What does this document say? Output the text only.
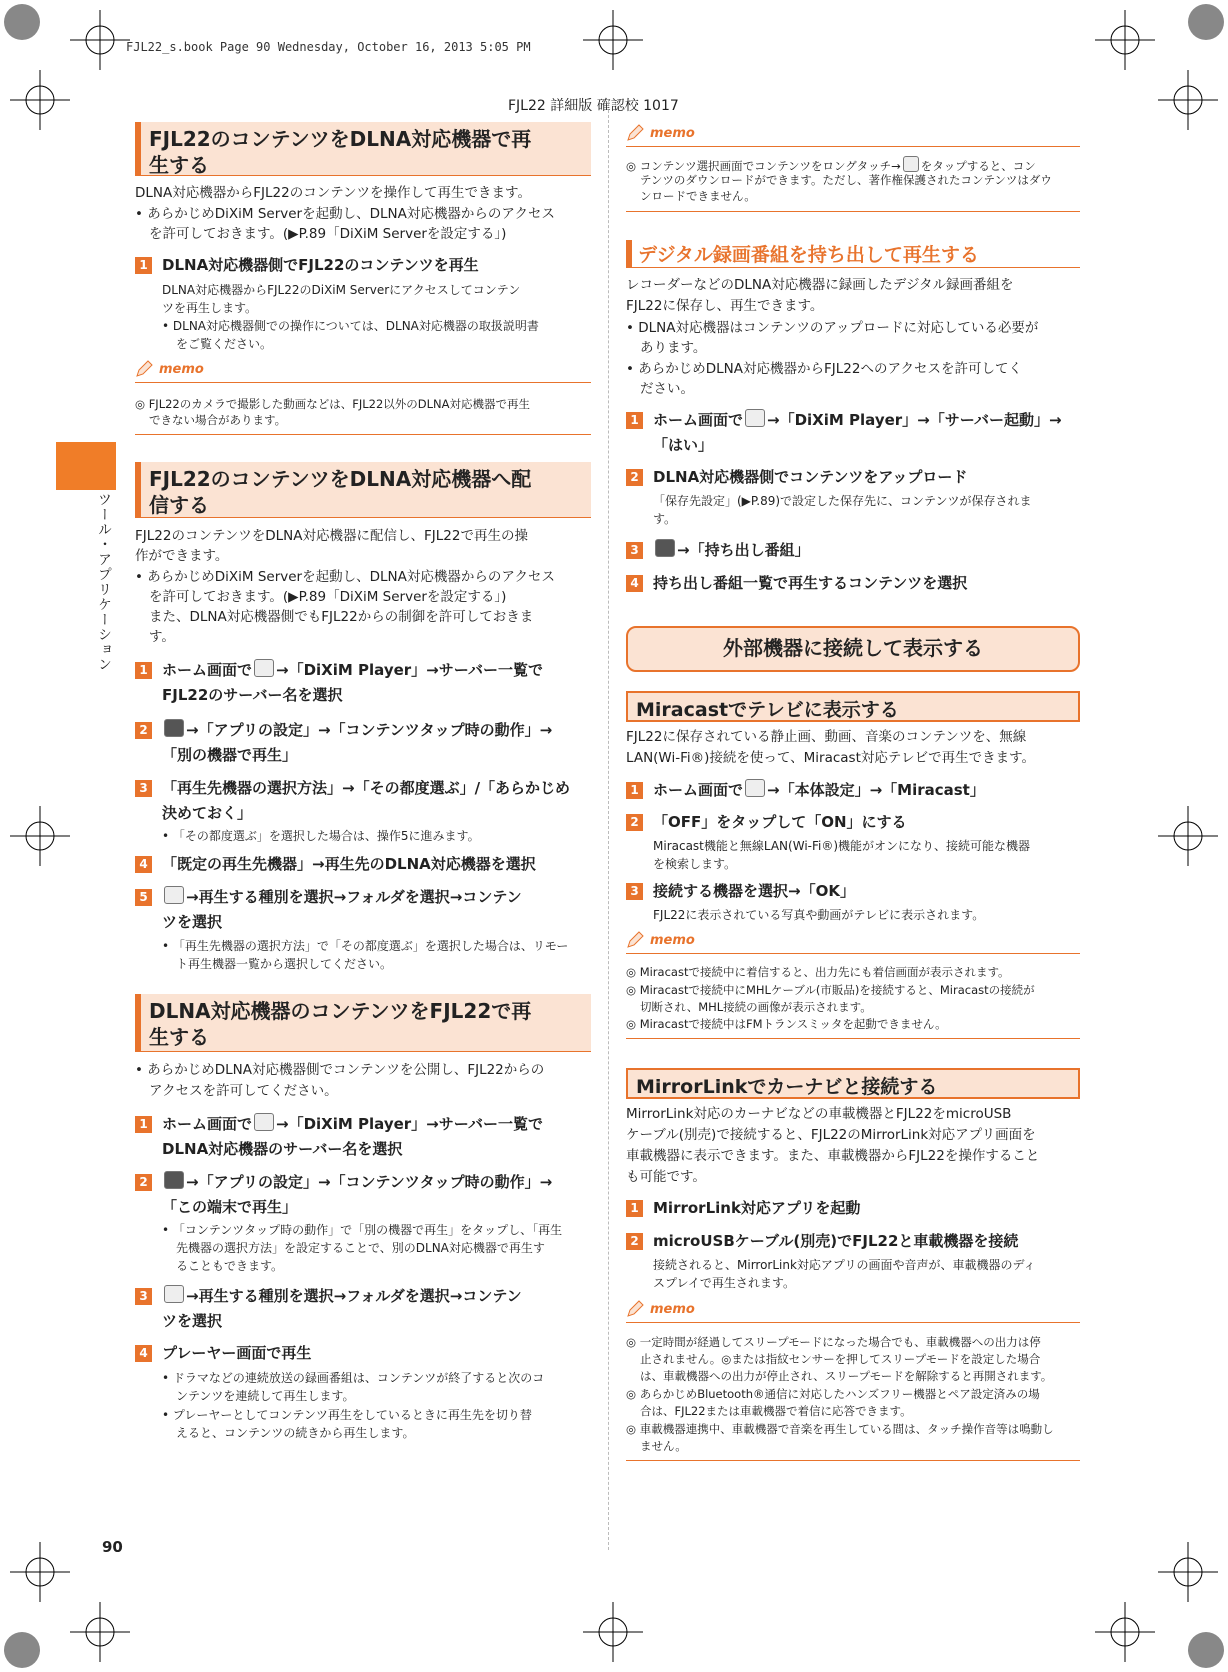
FJL22_s.book Page 90 Wednesday, October 16, 2013 5:05 PM
FJL22 詳細版 確認校 1017
ツール・アプリケーション
90
FJL22のコンテンツをDLNA対応機器で再
生する
DLNA対応機器からFJL22のコンテンツを操作して再生できます。
• あらかじめDiXiM Serverを起動し、DLNA対応機器からのアクセス
を許可しておきます。(▶P.89「DiXiM Serverを設定する」)
1 DLNA対応機器側でFJL22のコンテンツを再生
DLNA対応機器からFJL22のDiXiM Serverにアクセスしてコンテン
ツを再生します。
• DLNA対応機器側での操作については、DLNA対応機器の取扱説明書
をご覧ください。
memo
◎ FJL22のカメラで撮影した動画などは、FJL22以外のDLNA対応機器で再生
できない場合があります。
FJL22のコンテンツをDLNA対応機器へ配
信する
FJL22のコンテンツをDLNA対応機器に配信し、FJL22で再生の操
作ができます。
• あらかじめDiXiM Serverを起動し、DLNA対応機器からのアクセス
を許可しておきます。(▶P.89「DiXiM Serverを設定する」)
また、DLNA対応機器側でもFJL22からの制御を許可しておきま
す。
1 ホーム画面で →「DiXiM Player」→サーバー一覧で
FJL22のサーバー名を選択
2	→「アプリの設定」→「コンテンツタップ時の動作」→
「別の機器で再生」
3 「再生先機器の選択方法」→「その都度選ぶ」/「あらかじめ
決めておく」
• 「その都度選ぶ」を選択した場合は、操作5に進みます。
4 「既定の再生先機器」→再生先のDLNA対応機器を選択
5	→再生する種別を選択→フォルダを選択→コンテン
ツを選択
• 「再生先機器の選択方法」で「その都度選ぶ」を選択した場合は、リモー
ト再生機器一覧から選択してください。
DLNA対応機器のコンテンツをFJL22で再
生する
• あらかじめDLNA対応機器側でコンテンツを公開し、FJL22からの
アクセスを許可してください。
1 ホーム画面で →「DiXiM Player」→サーバー一覧で
DLNA対応機器のサーバー名を選択
2	→「アプリの設定」→「コンテンツタップ時の動作」→
「この端末で再生」
• 「コンテンツタップ時の動作」で「別の機器で再生」をタップし、「再生
先機器の選択方法」を設定することで、別のDLNA対応機器で再生す
ることもできます。
3	→再生する種別を選択→フォルダを選択→コンテン
ツを選択
4 プレーヤー画面で再生
• ドラマなどの連続放送の録画番組は、コンテンツが終了すると次のコ
ンテンツを連続して再生します。
• プレーヤーとしてコンテンツ再生をしているときに再生先を切り替
えると、コンテンツの続きから再生します。
memo
◎ コンテンツ選択画面でコンテンツをロングタッチ→ をタップすると、コン
テンツのダウンロードができます。ただし、著作権保護されたコンテンツはダウ
ンロードできません。
デジタル録画番組を持ち出して再生する
レコーダーなどのDLNA対応機器に録画したデジタル録画番組を
FJL22に保存し、再生できます。
• DLNA対応機器はコンテンツのアップロードに対応している必要が
あります。
• あらかじめDLNA対応機器からFJL22へのアクセスを許可してく
ださい。
1 ホーム画面で →「DiXiM Player」→「サーバー起動」→
「はい」
2 DLNA対応機器側でコンテンツをアップロード
「保存先設定」(▶P.89)で設定した保存先に、コンテンツが保存されま
す。
3	→「持ち出し番組」
4 持ち出し番組一覧で再生するコンテンツを選択
外部機器に接続して表示する
Miracastでテレビに表示する
FJL22に保存されている静止画、動画、音楽のコンテンツを、無線
LAN(Wi-Fi®)接続を使って、Miracast対応テレビで再生できます。
1 ホーム画面で →「本体設定」→「Miracast」
2 「OFF」をタップして「ON」にする
Miracast機能と無線LAN(Wi-Fi®)機能がオンになり、接続可能な機器
を検索します。
3 接続する機器を選択→「OK」
FJL22に表示されている写真や動画がテレビに表示されます。
memo
◎ Miracastで接続中に着信すると、出力先にも着信画面が表示されます。
◎ Miracastで接続中にMHLケーブル(市販品)を接続すると、Miracastの接続が
切断され、MHL接続の画像が表示されます。
◎ Miracastで接続中はFMトランスミッタを起動できません。
MirrorLinkでカーナビと接続する
MirrorLink対応のカーナビなどの車載機器とFJL22をmicroUSB
ケーブル(別売)で接続すると、FJL22のMirrorLink対応アプリ画面を
車載機器に表示できます。また、車載機器からFJL22を操作すること
も可能です。
1 MirrorLink対応アプリを起動
2 microUSBケーブル(別売)でFJL22と車載機器を接続
接続されると、MirrorLink対応アプリの画面や音声が、車載機器のディ
スプレイで再生されます。
memo
◎ 一定時間が経過してスリープモードになった場合でも、車載機器への出力は停
止されません。◎または指紋センサーを押してスリープモードを設定した場合
は、車載機器への出力が停止され、スリープモードを解除すると再開されます。
◎ あらかじめBluetooth®通信に対応したハンズフリー機器とペア設定済みの場
合は、FJL22または車載機器で着信に応答できます。
◎ 車載機器連携中、車載機器で音楽を再生している間は、タッチ操作音等は鳴動し
ません。
